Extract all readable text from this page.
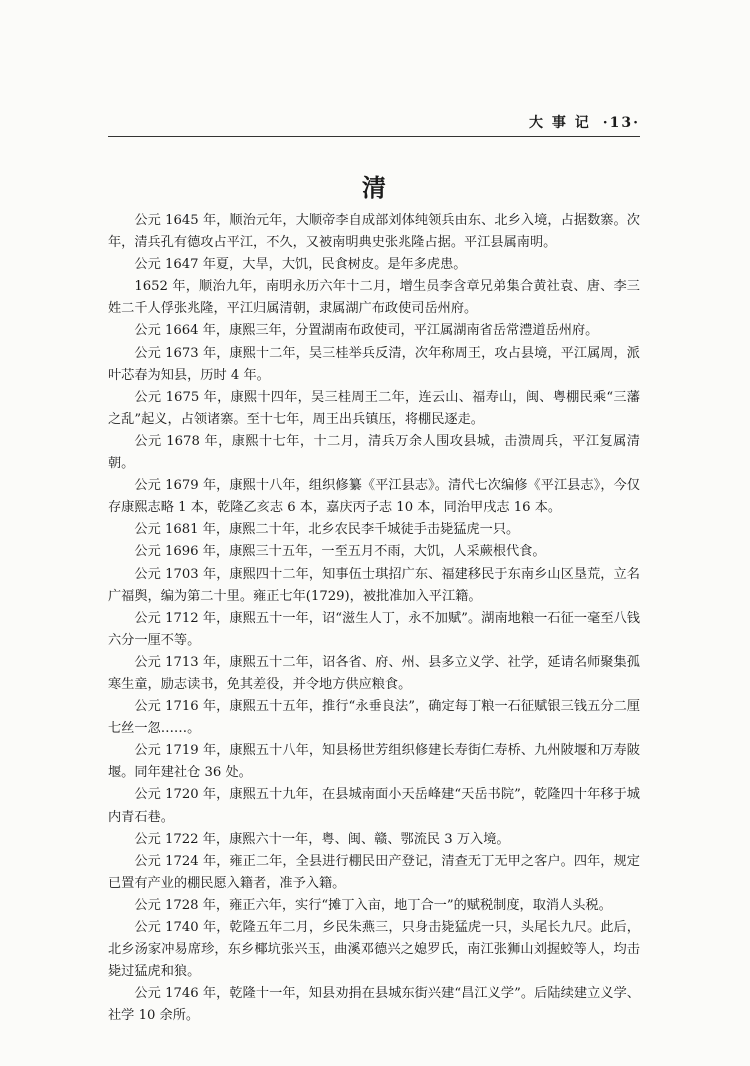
大 事 记 ·13·
清

公元 1645 年，顺治元年，大顺帝李自成部刘体纯领兵由东、北乡入境，占据数寨。次年，清兵孔有德攻占平江，不久，又被南明典史张兆隆占据。平江县属南明。

公元 1647 年夏，大旱，大饥，民食树皮。是年多虎患。

1652 年，顺治九年，南明永历六年十二月，增生员李含章兄弟集合黄社袁、唐、李三姓二千人俘张兆隆，平江归属清朝，隶属湖广布政使司岳州府。

公元 1664 年，康熙三年，分置湖南布政使司，平江属湖南省岳常澧道岳州府。

公元 1673 年，康熙十二年，吴三桂举兵反清，次年称周王，攻占县境，平江属周，派叶芯春为知县，历时 4 年。

公元 1675 年，康熙十四年，吴三桂周王二年，连云山、福寿山，闽、粤棚民乘“三藩之乱”起义，占领诸寨。至十七年，周王出兵镇压，将棚民逐走。

公元 1678 年，康熙十七年，十二月，清兵万余人围攻县城，击溃周兵，平江复属清朝。

公元 1679 年，康熙十八年，组织修纂《平江县志》。清代七次编修《平江县志》，今仅存康熙志略 1 本，乾隆乙亥志 6 本，嘉庆丙子志 10 本，同治甲戌志 16 本。

公元 1681 年，康熙二十年，北乡农民李千城徒手击毙猛虎一只。

公元 1696 年，康熙三十五年，一至五月不雨，大饥，人采蕨根代食。

公元 1703 年，康熙四十二年，知事伍士琪招广东、福建移民于东南乡山区垦荒，立名广福舆，编为第二十里。雍正七年(1729)，被批准加入平江籍。

公元 1712 年，康熙五十一年，诏“滋生人丁，永不加赋”。湖南地粮一石征一毫至八钱六分一厘不等。

公元 1713 年，康熙五十二年，诏各省、府、州、县多立义学、社学，延请名师聚集孤寒生童，励志读书，免其差役，并令地方供应粮食。

公元 1716 年，康熙五十五年，推行“永垂良法”，确定每丁粮一石征赋银三钱五分二厘七丝一忽……。

公元 1719 年，康熙五十八年，知县杨世芳组织修建长寿街仁寿桥、九州陂堰和万寿陂堰。同年建社仓 36 处。

公元 1720 年，康熙五十九年，在县城南面小天岳峰建“天岳书院”，乾隆四十年移于城内青石巷。

公元 1722 年，康熙六十一年，粤、闽、赣、鄂流民 3 万入境。

公元 1724 年，雍正二年，全县进行棚民田产登记，清查无丁无甲之客户。四年，规定已置有产业的棚民愿入籍者，准予入籍。

公元 1728 年，雍正六年，实行“摊丁入亩，地丁合一”的赋税制度，取消人头税。

公元 1740 年，乾隆五年二月，乡民朱燕三，只身击毙猛虎一只，头尾长九尺。此后，北乡汤家冲易席珍，东乡椰坑张兴玉，曲溪邓德兴之媳罗氏，南江张狮山刘握蛟等人，均击毙过猛虎和狼。

公元 1746 年，乾隆十一年，知县劝捐在县城东街兴建“昌江义学”。后陆续建立义学、社学 10 余所。
